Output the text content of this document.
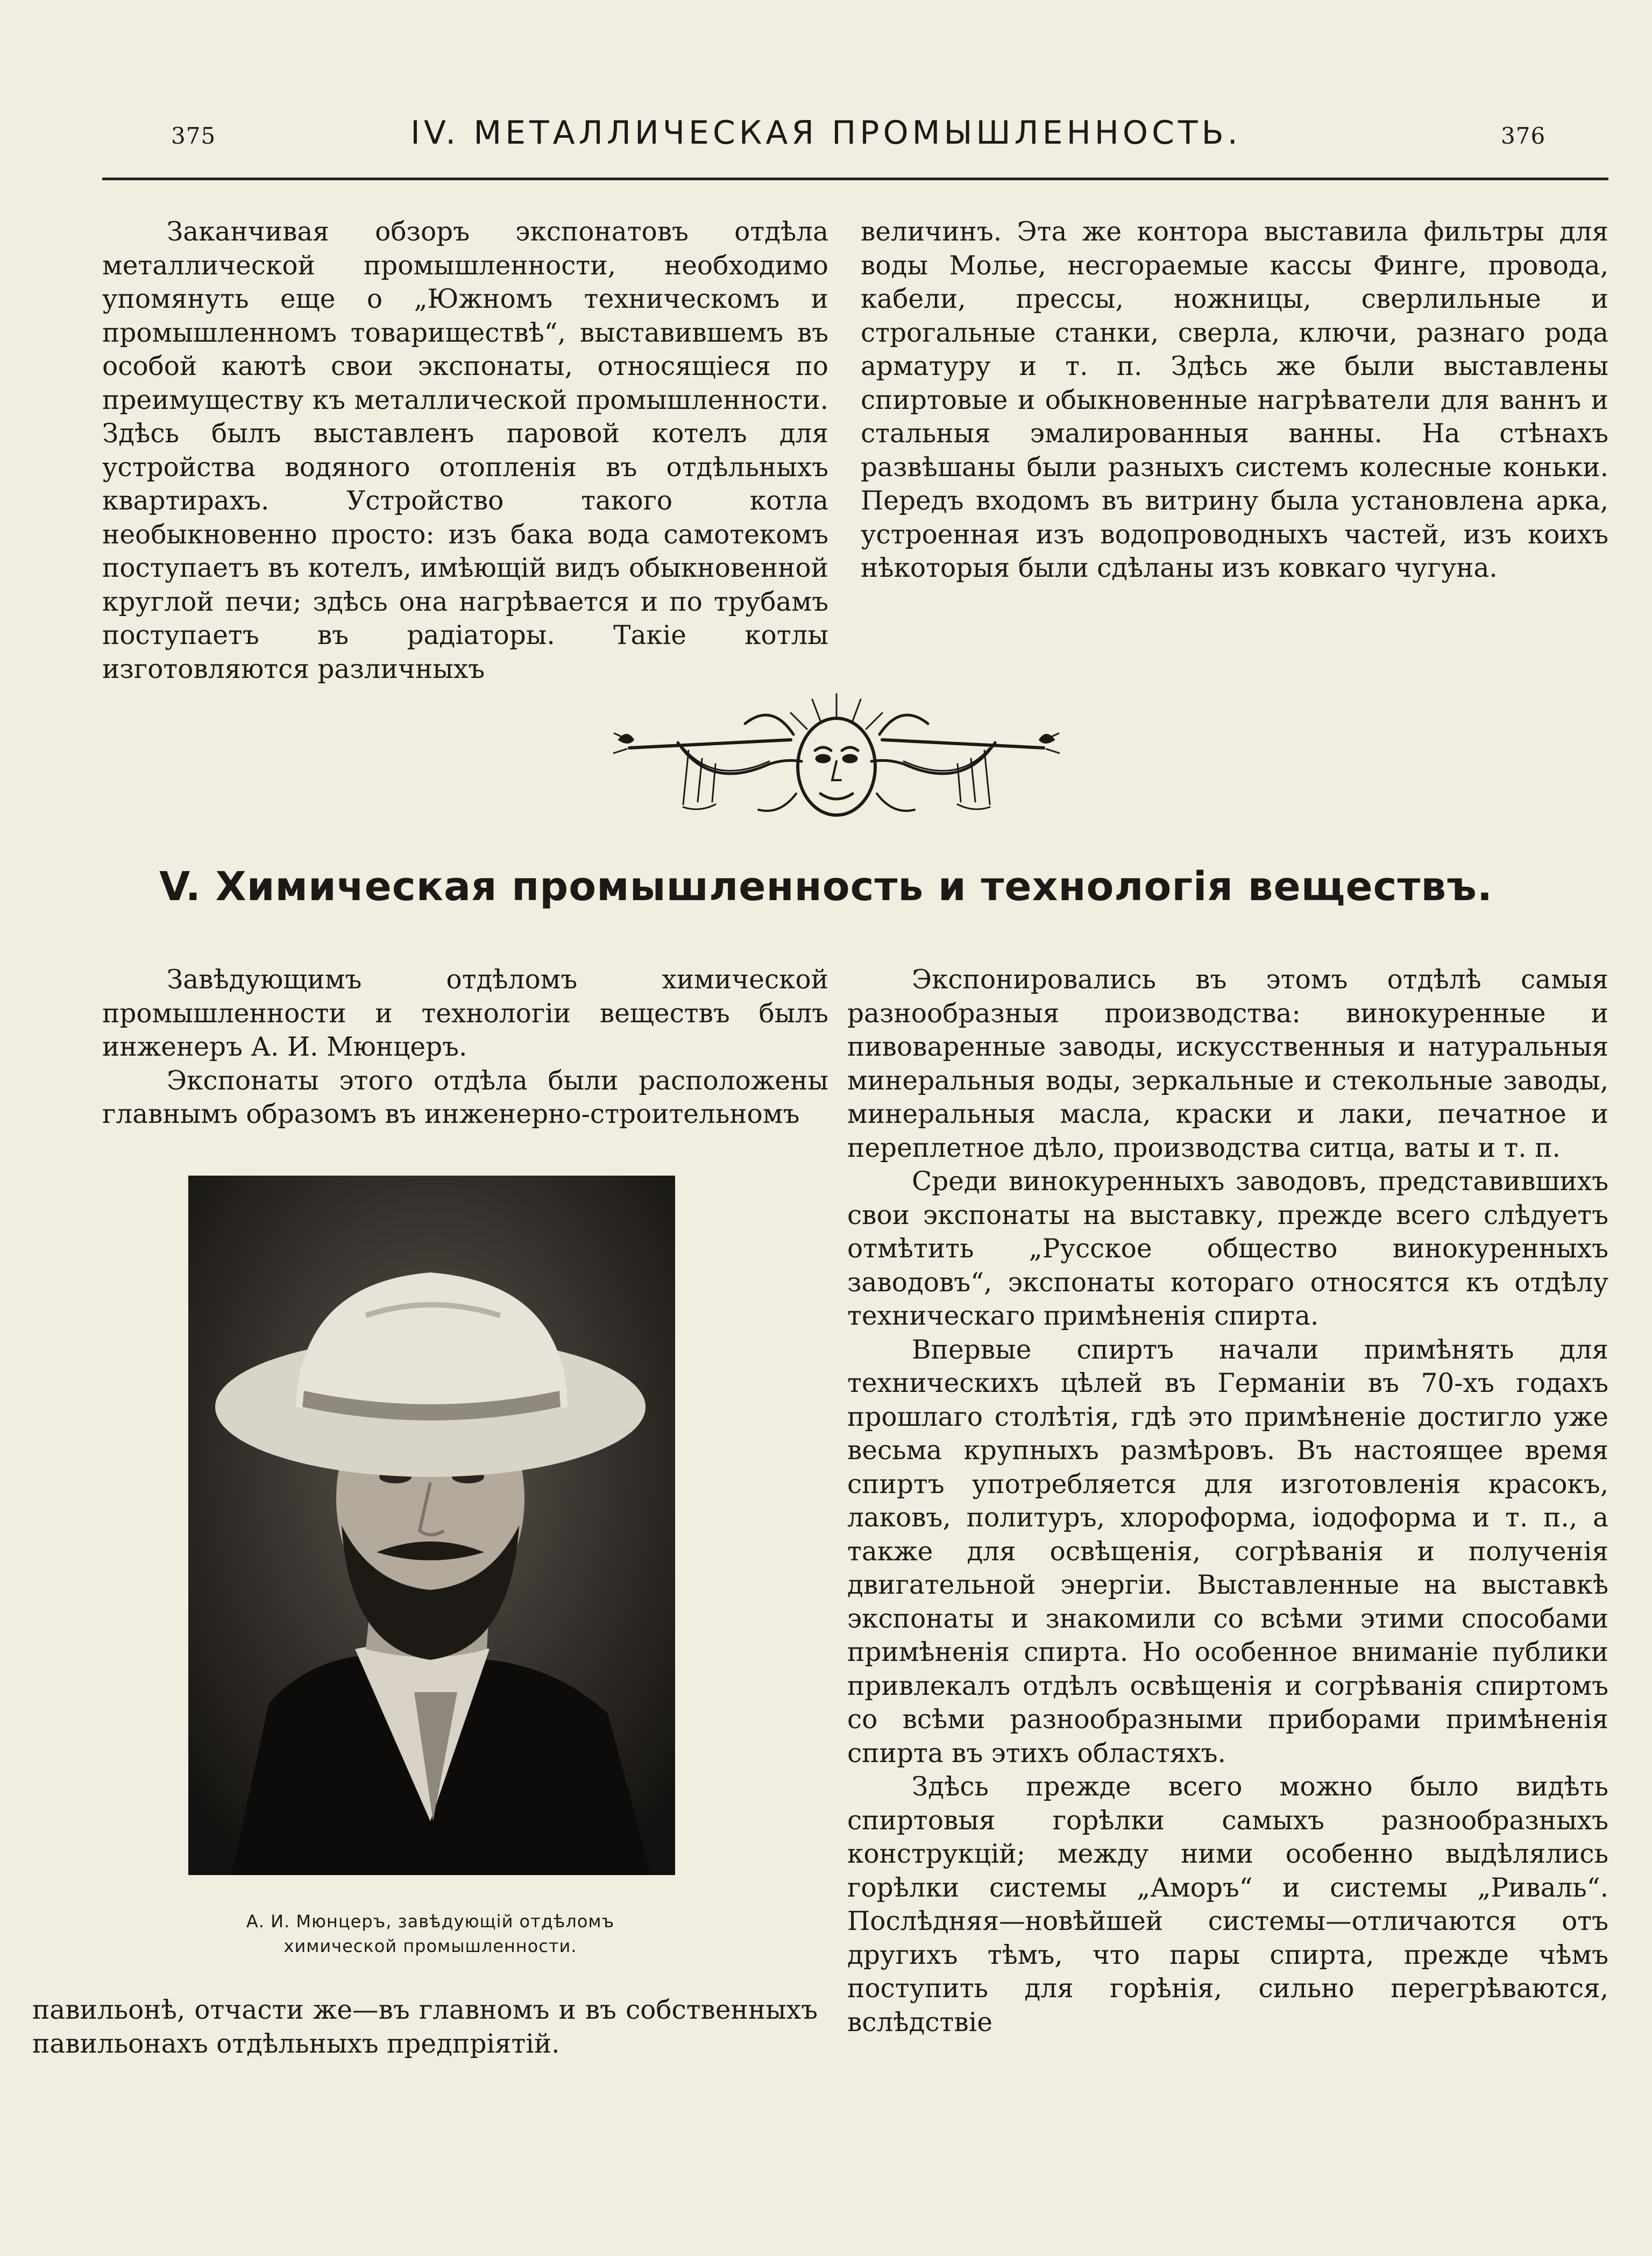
375	IV. МЕТАЛЛИЧЕСКАЯ ПРОМЫШЛЕННОСТЬ.	376

Заканчивая обзоръ экспонатовъ отдѣла металлической промышленности, необходимо упомянуть еще о „Южномъ техническомъ и промышленномъ товариществѣ“, выставившемъ въ особой каютѣ свои экспонаты, относящіеся по преимуществу къ металлической промышленности. Здѣсь былъ выставленъ паровой котелъ для устройства водяного отопленія въ отдѣльныхъ квартирахъ. Устройство такого котла необыкновенно просто: изъ бака вода самотекомъ поступаетъ въ котелъ, имѣющій видъ обыкновенной круглой печи; здѣсь она нагрѣвается и по трубамъ поступаетъ въ радіаторы. Такіе котлы изготовляются различныхъ

величинъ. Эта же контора выставила фильтры для воды Молье, несгораемые кассы Финге, провода, кабели, прессы, ножницы, сверлильные и строгальные станки, сверла, ключи, разнаго рода арматуру и т. п. Здѣсь же были выставлены спиртовые и обыкновенные нагрѣватели для ваннъ и стальныя эмалированныя ванны. На стѣнахъ развѣшаны были разныхъ системъ колесные коньки. Передъ входомъ въ витрину была установлена арка, устроенная изъ водопроводныхъ частей, изъ коихъ нѣкоторыя были сдѣланы изъ ковкаго чугуна.

V. Химическая промышленность и технологія веществъ.

Завѣдующимъ отдѣломъ химической промышленности и технологіи веществъ былъ инженеръ А. И. Мюнцеръ.

Экспонаты этого отдѣла были расположены главнымъ образомъ въ инженерно-строительномъ

А. И. Мюнцеръ, завѣдующій отдѣломъ
химической промышленности.

павильонѣ, отчасти же—въ главномъ и въ собственныхъ павильонахъ отдѣльныхъ предпріятій.

Экспонировались въ этомъ отдѣлѣ самыя разнообразныя производства: винокуренные и пивоваренные заводы, искусственныя и натуральныя минеральныя воды, зеркальные и стекольные заводы, минеральныя масла, краски и лаки, печатное и переплетное дѣло, производства ситца, ваты и т. п.

Среди винокуренныхъ заводовъ, представившихъ свои экспонаты на выставку, прежде всего слѣдуетъ отмѣтить „Русское общество винокуренныхъ заводовъ“, экспонаты котораго относятся къ отдѣлу техническаго примѣненія спирта.

Впервые спиртъ начали примѣнять для техническихъ цѣлей въ Германіи въ 70-хъ годахъ прошлаго столѣтія, гдѣ это примѣненіе достигло уже весьма крупныхъ размѣровъ. Въ настоящее время спиртъ употребляется для изготовленія красокъ, лаковъ, политуръ, хлороформа, іодоформа и т. п., а также для освѣщенія, согрѣванія и полученія двигательной энергіи. Выставленные на выставкѣ экспонаты и знакомили со всѣми этими способами примѣненія спирта. Но особенное вниманіе публики привлекалъ отдѣлъ освѣщенія и согрѣванія спиртомъ со всѣми разнообразными приборами примѣненія спирта въ этихъ областяхъ.

Здѣсь прежде всего можно было видѣть спиртовыя горѣлки самыхъ разнообразныхъ конструкцій; между ними особенно выдѣлялись горѣлки системы „Аморъ“ и системы „Риваль“. Послѣдняя—новѣйшей системы—отличаются отъ другихъ тѣмъ, что пары спирта, прежде чѣмъ поступить для горѣнія, сильно перегрѣваются, вслѣдствіе
